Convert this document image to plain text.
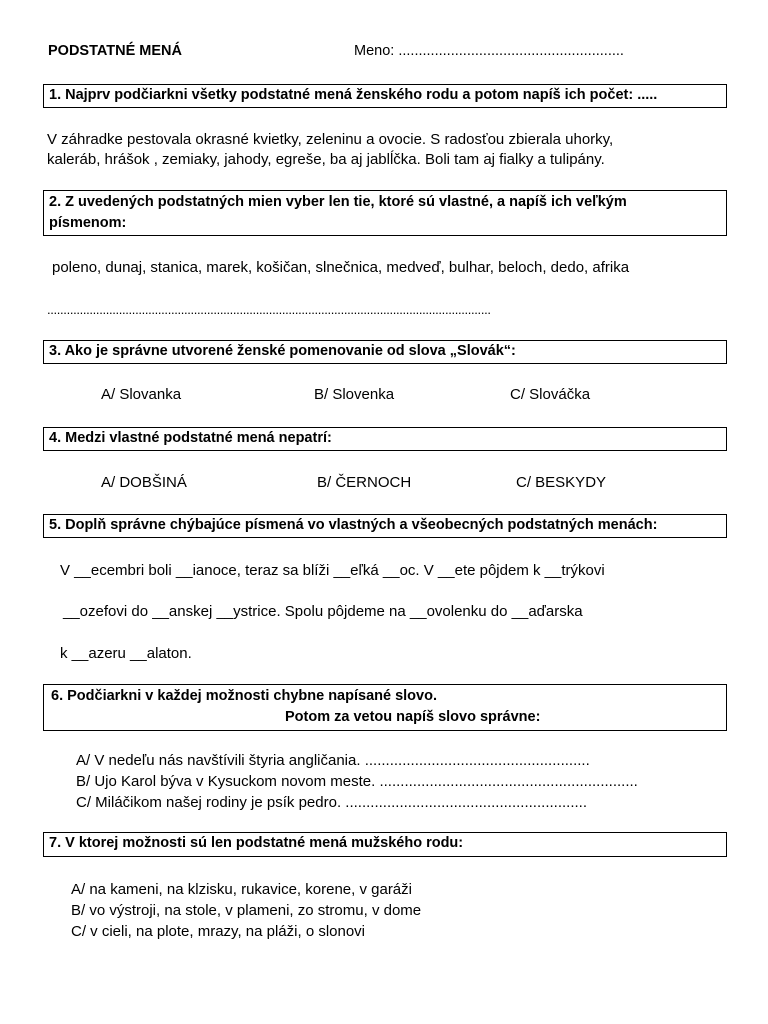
PODSTATNÉ MENÁ	Meno: ........................................................
1. Najprv podčiarkni všetky podstatné mená ženského rodu a potom napíš ich počet: .....
V záhradke pestovala okrasné kvietky, zeleninu a ovocie. S radosťou zbierala uhorky,
kaleráb, hrášok , zemiaky, jahody, egreše, ba aj jablĺčka. Boli tam aj fialky a tulipány.
2. Z uvedených podstatných mien vyber len tie, ktoré sú vlastné, a napíš ich veľkým
písmenom:
poleno, dunaj, stanica, marek, košičan, slnečnica, medveď, bulhar, beloch, dedo, afrika
........................................................................................................................................
3. Ako je správne utvorené ženské pomenovanie od slova „Slovák“:
A/ Slovanka	B/ Slovenka	C/ Slováčka
4. Medzi vlastné podstatné mená nepatrí:
A/ DOBŠINÁ	B/ ČERNOCH	C/ BESKYDY
5. Doplň správne chýbajúce písmená vo vlastných a všeobecných podstatných menách:
V __ecembri boli __ianoce, teraz sa blíži __eľká __oc. V __ete pôjdem k __trýkovi
__ozefovi do __anskej __ystrice. Spolu pôjdeme na __ovolenku do __aďarska
k __azeru __alaton.
6. Podčiarkni v každej možnosti chybne napísané slovo.
Potom za vetou napíš slovo správne:
A/ V nedeľu nás navštívili štyria angličania. ......................................................
B/ Ujo Karol býva v Kysuckom novom meste. ..............................................................
C/ Miláčikom našej rodiny je psík pedro. ..........................................................
7. V ktorej možnosti sú len podstatné mená mužského rodu:
A/ na kameni, na klzisku, rukavice, korene, v garáži
B/ vo výstroji, na stole, v plameni, zo stromu, v dome
C/ v cieli, na plote, mrazy, na pláži, o slonovi
